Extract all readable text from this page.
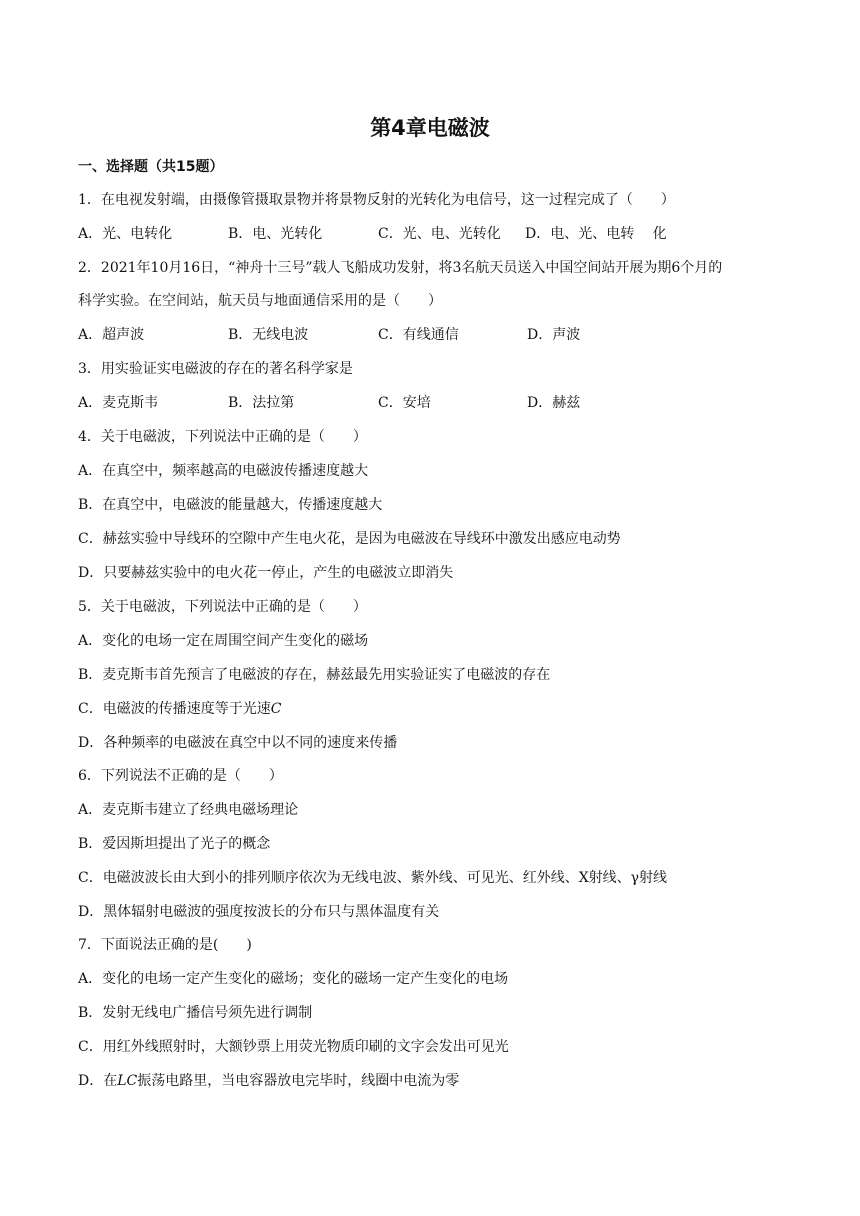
第4章电磁波
一、选择题（共15题）
1．在电视发射端，由摄像管摄取景物并将景物反射的光转化为电信号，这一过程完成了（　　）
A．光、电转化	B．电、光转化	C．光、电、光转化 D．电、光、电转　 化
2．2021年10月16日，“神舟十三号”载人飞船成功发射，将3名航天员送入中国空间站开展为期6个月的
科学实验。在空间站，航天员与地面通信采用的是（　　）
A．超声波	B．无线电波	C．有线通信	D．声波
3．用实验证实电磁波的存在的著名科学家是
A．麦克斯韦	B．法拉第	C．安培	D．赫兹
4．关于电磁波，下列说法中正确的是（　　）
A．在真空中，频率越高的电磁波传播速度越大
B．在真空中，电磁波的能量越大，传播速度越大
C．赫兹实验中导线环的空隙中产生电火花，是因为电磁波在导线环中激发出感应电动势
D．只要赫兹实验中的电火花一停止，产生的电磁波立即消失
5．关于电磁波，下列说法中正确的是（　　）
A．变化的电场一定在周围空间产生变化的磁场
B．麦克斯韦首先预言了电磁波的存在，赫兹最先用实验证实了电磁波的存在
C．电磁波的传播速度等于光速C
D．各种频率的电磁波在真空中以不同的速度来传播
6．下列说法不正确的是（　　）
A．麦克斯韦建立了经典电磁场理论
B．爱因斯坦提出了光子的概念
C．电磁波波长由大到小的排列顺序依次为无线电波、紫外线、可见光、红外线、X射线、γ射线
D．黑体辐射电磁波的强度按波长的分布只与黑体温度有关
7．下面说法正确的是(　　)
A．变化的电场一定产生变化的磁场；变化的磁场一定产生变化的电场
B．发射无线电广播信号须先进行调制
C．用红外线照射时，大额钞票上用荧光物质印刷的文字会发出可见光
D．在LC振荡电路里，当电容器放电完毕时，线圈中电流为零
